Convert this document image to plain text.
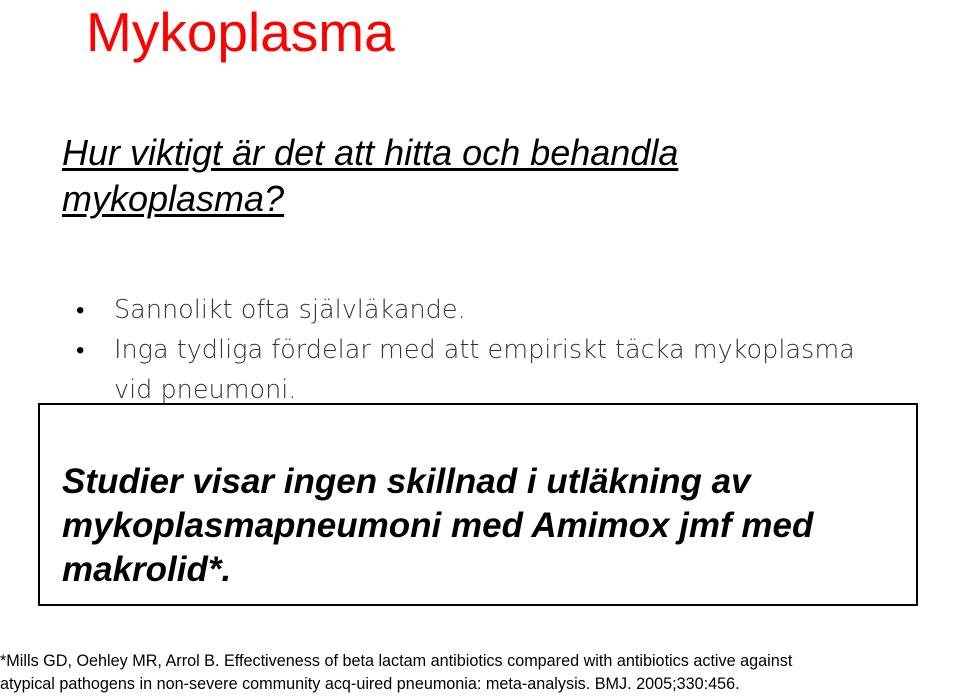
Mykoplasma

Hur viktigt är det att hitta och behandla
mykoplasma?

• Sannolikt ofta självläkande.
• Inga tydliga fördelar med att empiriskt täcka mykoplasma
vid pneumoni.

Studier visar ingen skillnad i utläkning av
mykoplasmapneumoni med Amimox jmf med
makrolid*.

*Mills GD, Oehley MR, Arrol B. Effectiveness of beta lactam antibiotics compared with antibiotics active against
atypical pathogens in non-severe community acq-uired pneumonia: meta-analysis. BMJ. 2005;330:456.
